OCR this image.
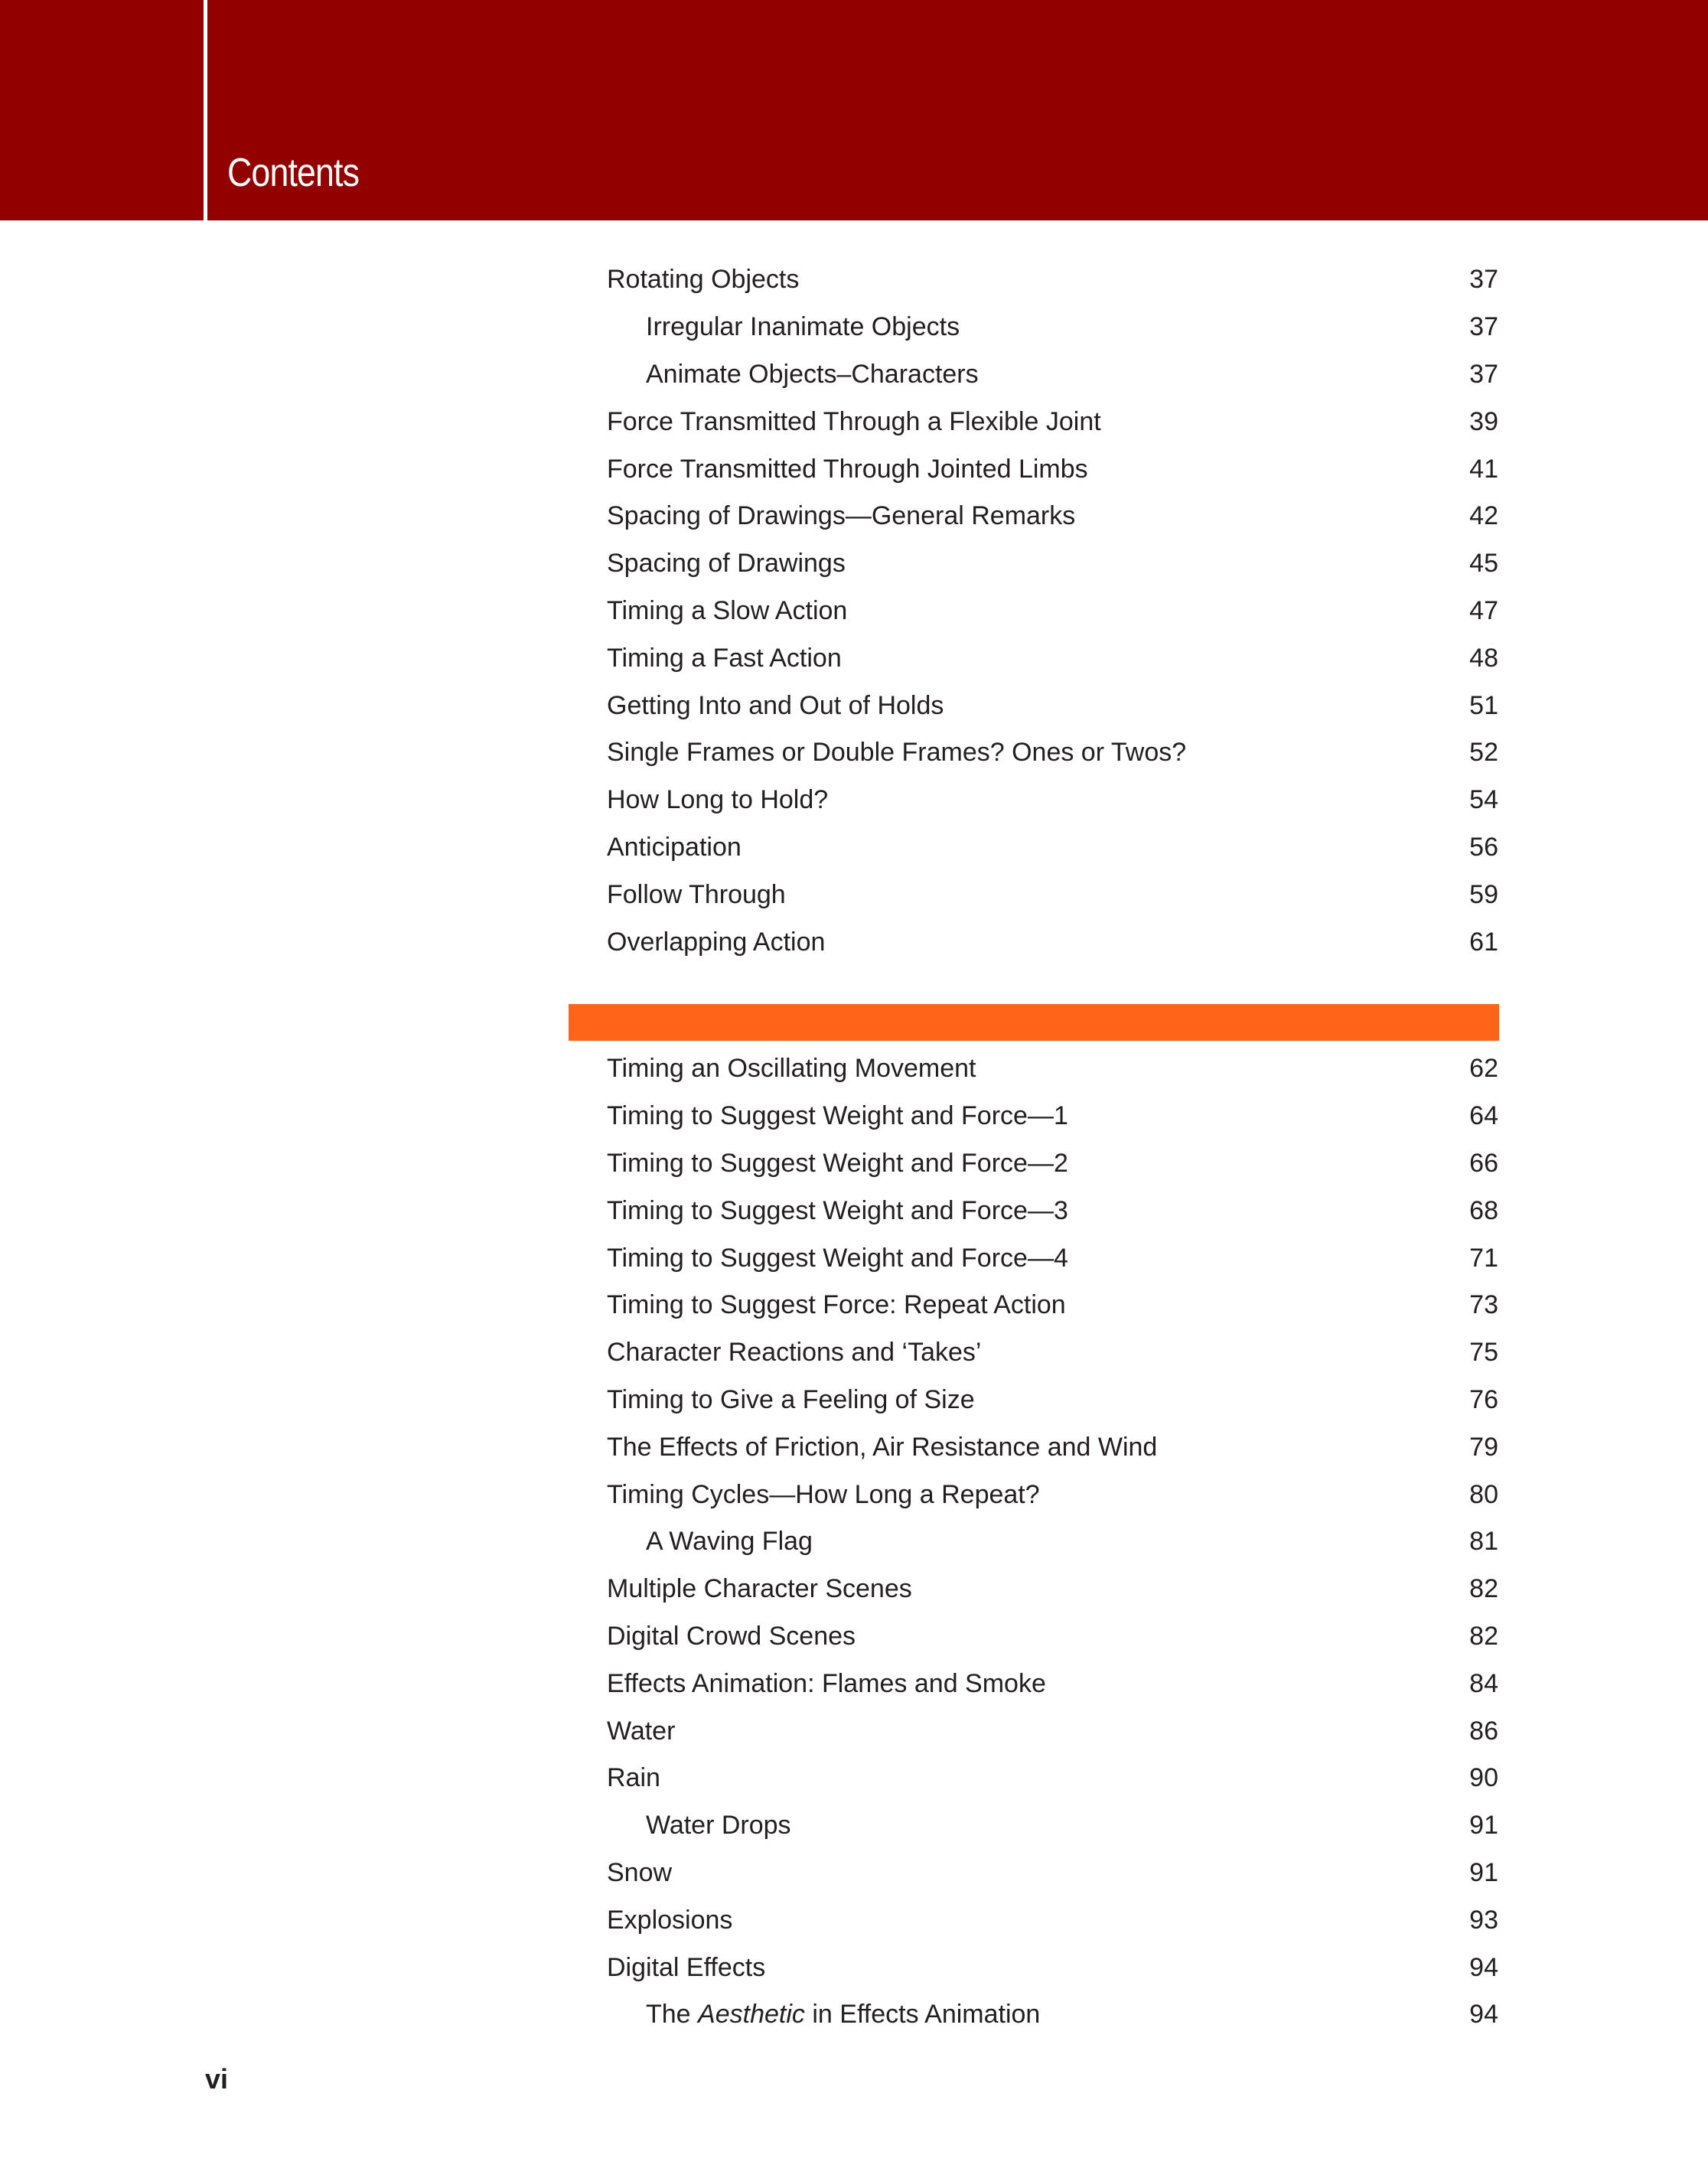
Contents
Rotating Objects	37
Irregular Inanimate Objects	37
Animate Objects–Characters	37
Force Transmitted Through a Flexible Joint	39
Force Transmitted Through Jointed Limbs	41
Spacing of Drawings—General Remarks	42
Spacing of Drawings	45
Timing a Slow Action	47
Timing a Fast Action	48
Getting Into and Out of Holds	51
Single Frames or Double Frames? Ones or Twos?	52
How Long to Hold?	54
Anticipation	56
Follow Through	59
Overlapping Action	61
Timing an Oscillating Movement	62
Timing to Suggest Weight and Force—1	64
Timing to Suggest Weight and Force—2	66
Timing to Suggest Weight and Force—3	68
Timing to Suggest Weight and Force—4	71
Timing to Suggest Force: Repeat Action	73
Character Reactions and ‘Takes’	75
Timing to Give a Feeling of Size	76
The Effects of Friction, Air Resistance and Wind	79
Timing Cycles—How Long a Repeat?	80
A Waving Flag	81
Multiple Character Scenes	82
Digital Crowd Scenes	82
Effects Animation: Flames and Smoke	84
Water	86
Rain	90
Water Drops	91
Snow	91
Explosions	93
Digital Effects	94
The Aesthetic in Effects Animation	94
vi
